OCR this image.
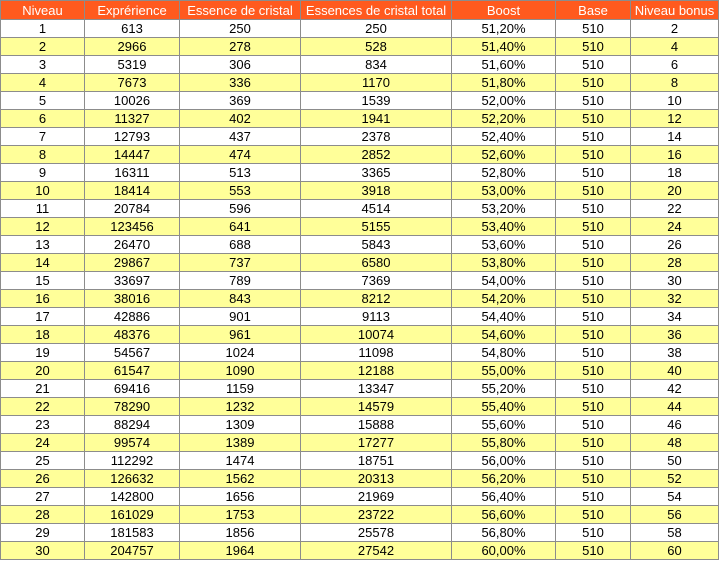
Niveau	Exprérience	Essence de cristal	Essences de cristal total	Boost	Base	Niveau bonus
1	613	250	250	51,20%	510	2
2	2966	278	528	51,40%	510	4
3	5319	306	834	51,60%	510	6
4	7673	336	1170	51,80%	510	8
5	10026	369	1539	52,00%	510	10
6	11327	402	1941	52,20%	510	12
7	12793	437	2378	52,40%	510	14
8	14447	474	2852	52,60%	510	16
9	16311	513	3365	52,80%	510	18
10	18414	553	3918	53,00%	510	20
11	20784	596	4514	53,20%	510	22
12	123456	641	5155	53,40%	510	24
13	26470	688	5843	53,60%	510	26
14	29867	737	6580	53,80%	510	28
15	33697	789	7369	54,00%	510	30
16	38016	843	8212	54,20%	510	32
17	42886	901	9113	54,40%	510	34
18	48376	961	10074	54,60%	510	36
19	54567	1024	11098	54,80%	510	38
20	61547	1090	12188	55,00%	510	40
21	69416	1159	13347	55,20%	510	42
22	78290	1232	14579	55,40%	510	44
23	88294	1309	15888	55,60%	510	46
24	99574	1389	17277	55,80%	510	48
25	112292	1474	18751	56,00%	510	50
26	126632	1562	20313	56,20%	510	52
27	142800	1656	21969	56,40%	510	54
28	161029	1753	23722	56,60%	510	56
29	181583	1856	25578	56,80%	510	58
30	204757	1964	27542	60,00%	510	60
